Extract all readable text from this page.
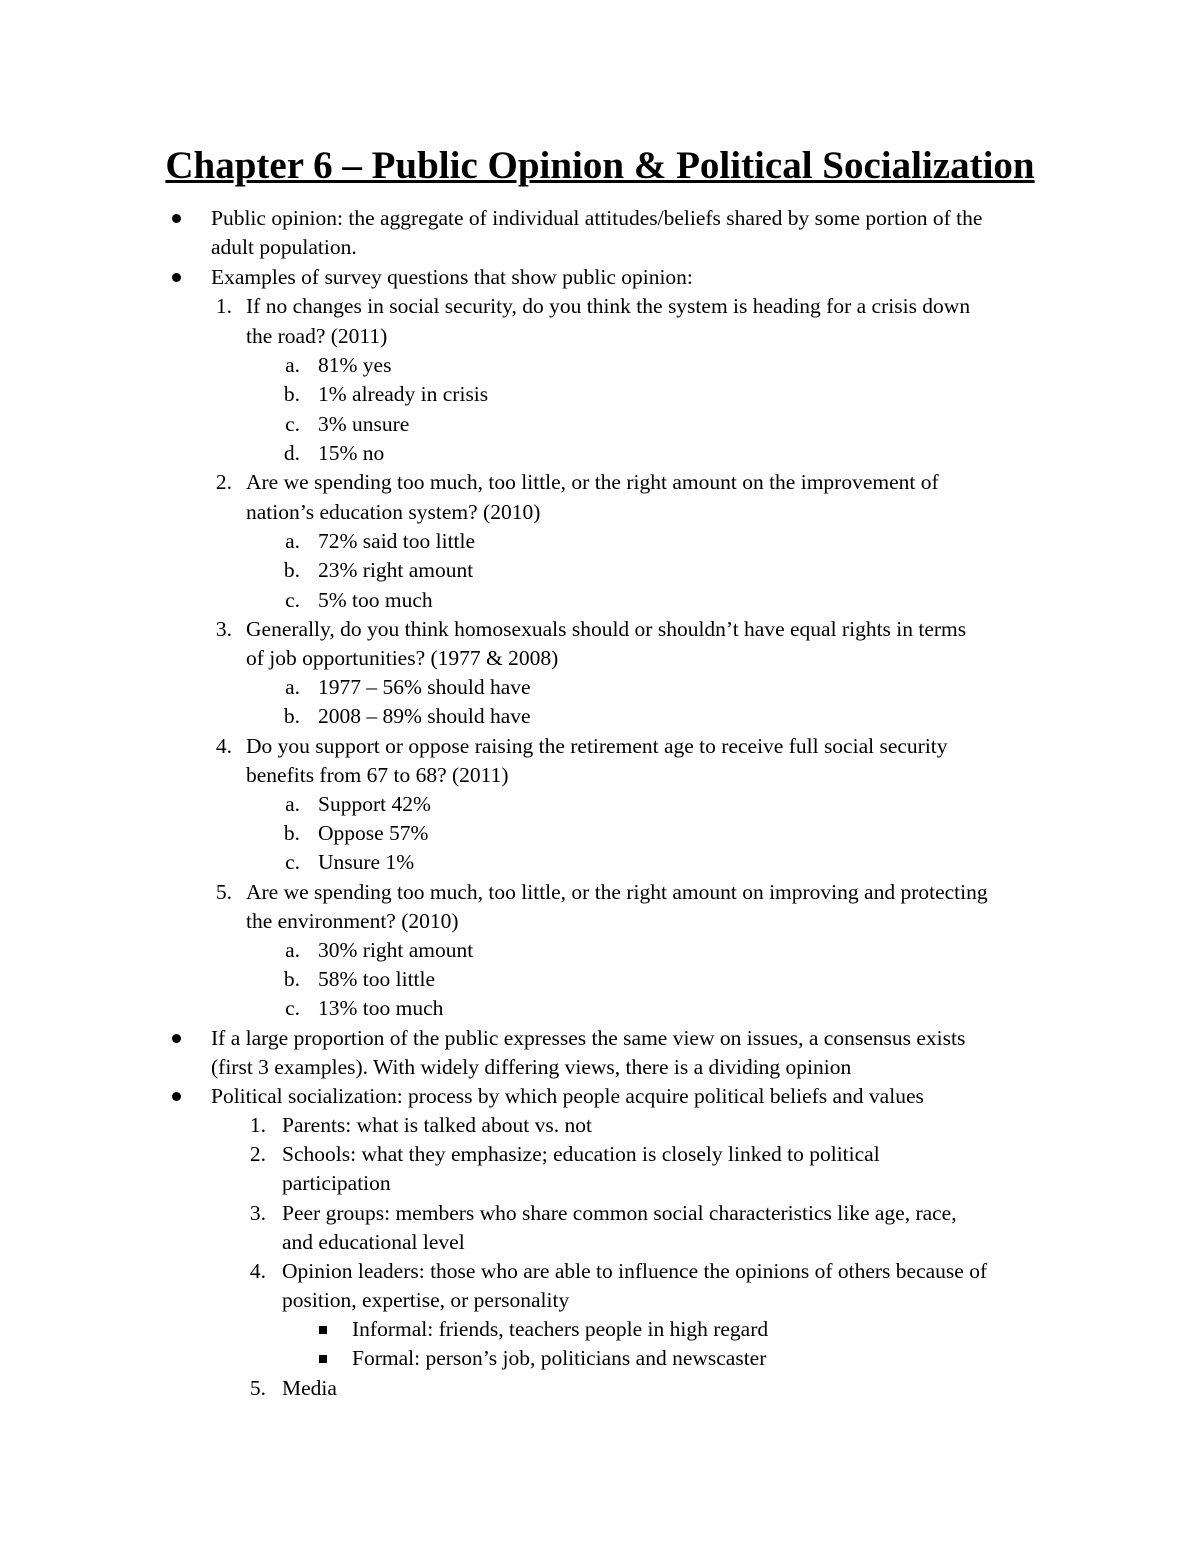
Chapter 6 – Public Opinion & Political Socialization

Public opinion: the aggregate of individual attitudes/beliefs shared by some portion of the

adult population.

Examples of survey questions that show public opinion:

1. If no changes in social security, do you think the system is heading for a crisis down

the road? (2011)

a. 81% yes

b. 1% already in crisis

c. 3% unsure

d. 15% no

2. Are we spending too much, too little, or the right amount on the improvement of

nation’s education system? (2010)

a. 72% said too little

b. 23% right amount

c. 5% too much

3. Generally, do you think homosexuals should or shouldn’t have equal rights in terms

of job opportunities? (1977 & 2008)

a. 1977 – 56% should have

b. 2008 – 89% should have

4. Do you support or oppose raising the retirement age to receive full social security

benefits from 67 to 68? (2011)

a. Support 42%

b. Oppose 57%

c. Unsure 1%

5. Are we spending too much, too little, or the right amount on improving and protecting

the environment? (2010)

a. 30% right amount

b. 58% too little

c. 13% too much

If a large proportion of the public expresses the same view on issues, a consensus exists

(first 3 examples). With widely differing views, there is a dividing opinion

Political socialization: process by which people acquire political beliefs and values

1. Parents: what is talked about vs. not

2. Schools: what they emphasize; education is closely linked to political

participation

3. Peer groups: members who share common social characteristics like age, race,

and educational level

4. Opinion leaders: those who are able to influence the opinions of others because of

position, expertise, or personality

Informal: friends, teachers people in high regard

Formal: person’s job, politicians and newscaster

5. Media
